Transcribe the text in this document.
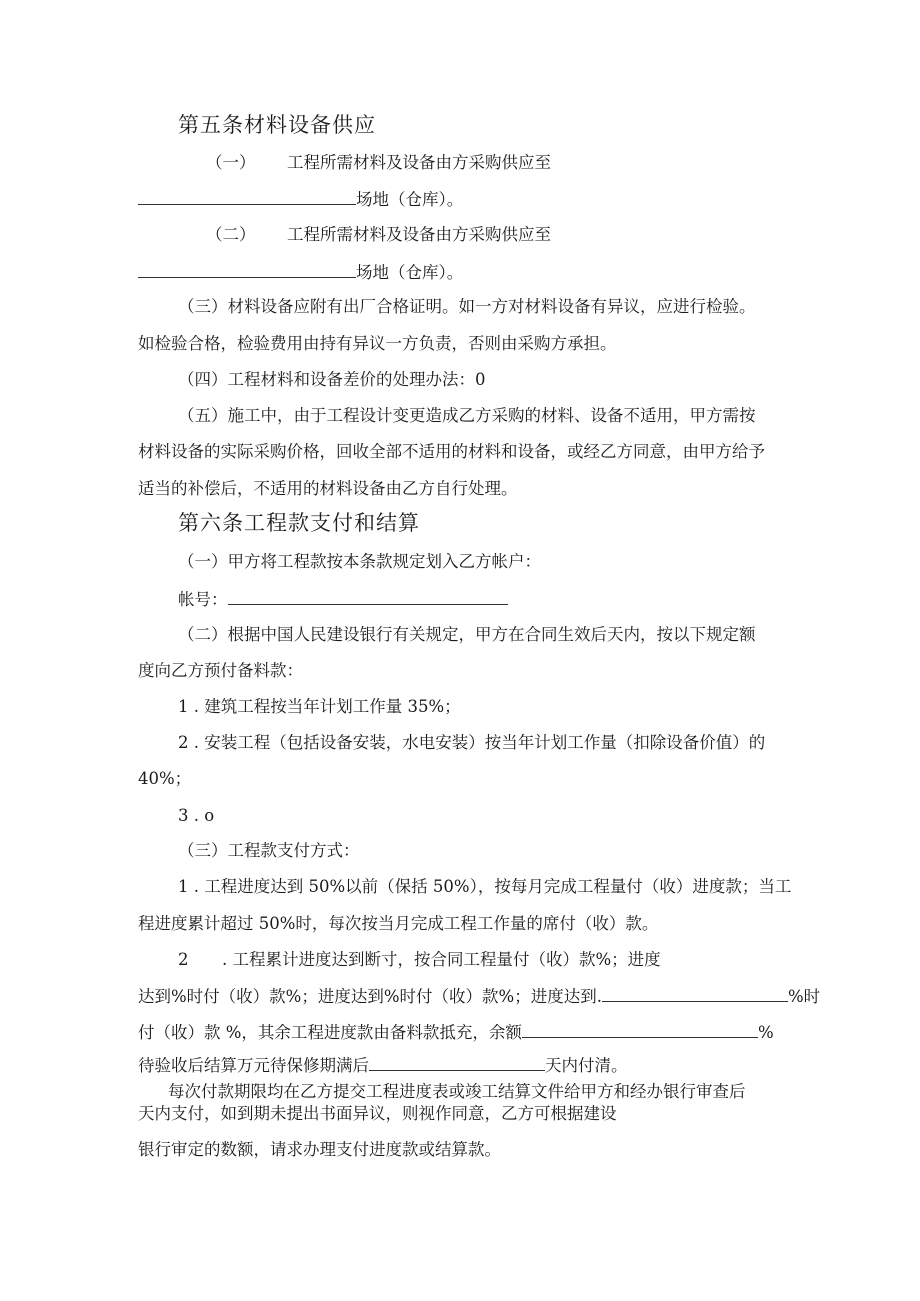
第五条材料设备供应
（一） 工程所需材料及设备由方采购供应至
场地（仓库）。
（二） 工程所需材料及设备由方采购供应至
场地（仓库）。
（三）材料设备应附有出厂合格证明。如一方对材料设备有异议，应进行检验。
如检验合格，检验费用由持有异议一方负责，否则由采购方承担。
（四）工程材料和设备差价的处理办法：0
（五）施工中，由于工程设计变更造成乙方采购的材料、设备不适用，甲方需按
材料设备的实际采购价格，回收全部不适用的材料和设备，或经乙方同意，由甲方给予
适当的补偿后，不适用的材料设备由乙方自行处理。
第六条工程款支付和结算
（一）甲方将工程款按本条款规定划入乙方帐户：
帐号：
（二）根据中国人民建设银行有关规定，甲方在合同生效后天内，按以下规定额
度向乙方预付备料款：
1 . 建筑工程按当年计划工作量 35%；
2 . 安装工程（包括设备安装，水电安装）按当年计划工作量（扣除设备价值）的
40%；
3 . o
（三）工程款支付方式：
1 . 工程进度达到 50%以前（保括 50%），按每月完成工程量付（收）进度款；当工
程进度累计超过 50%时，每次按当月完成工程工作量的席付（收）款。
2 . 工程累计进度达到断寸，按合同工程量付（收）款%；进度
达到%时付（收）款%；进度达到%时付（收）款%；进度达到.	%时
付（收）款 %，其余工程进度款由备料款抵充，余额	%
待验收后结算万元待保修期满后	天内付清。
每次付款期限均在乙方提交工程进度表或竣工结算文件给甲方和经办银行审查后
天内支付，如到期未提出书面异议，则视作同意，乙方可根据建设
银行审定的数额，请求办理支付进度款或结算款。
